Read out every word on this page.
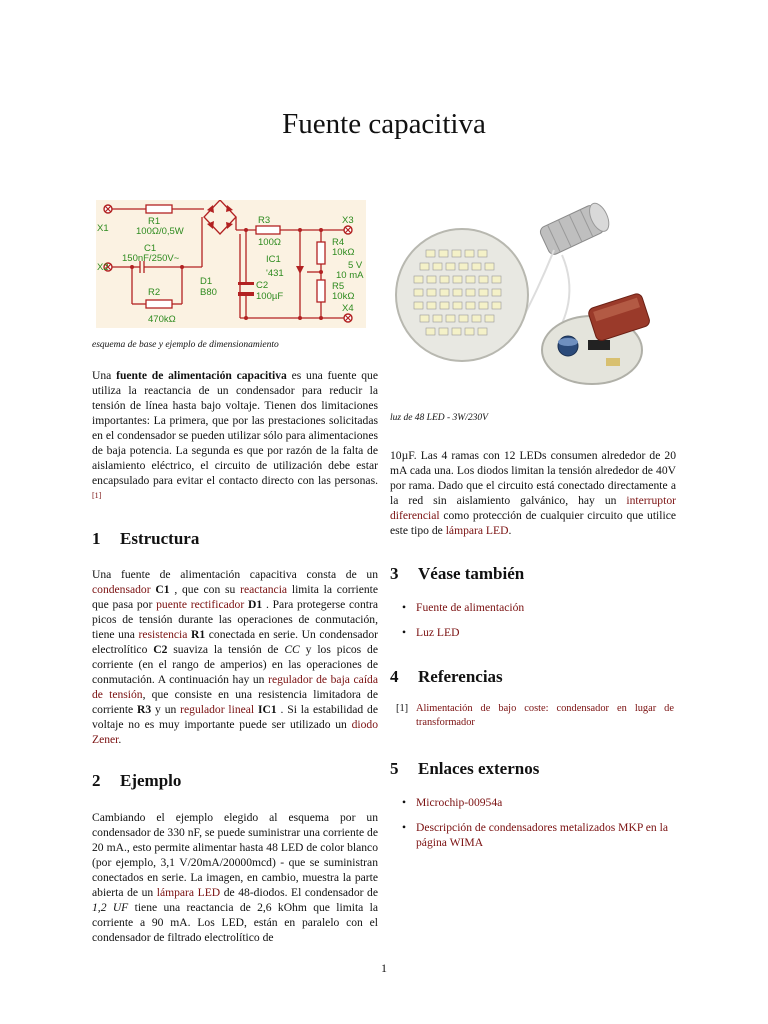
Fuente capacitiva
X1
X2
R1
100Ω/0,5W
C1
150nF/250V~
R2
470kΩ
D1
B80
R3
100Ω
IC1
'431
C2
100µF
X3
X4
R4
10kΩ
R5
10kΩ
5 V
10 mA
esquema de base y ejemplo de dimensionamiento
luz de 48 LED - 3W/230V

Una fuente de alimentación capacitiva es una fuente que utiliza la reactancia de un condensador para reducir la tensión de línea hasta bajo voltaje. Tienen dos limitaciones importantes: La primera, que por las prestaciones solicitadas en el condensador se pueden utilizar sólo para alimentaciones de baja potencia. La segunda es que por razón de la falta de aislamiento eléctrico, el circuito de utilización debe estar encapsulado para evitar el contacto directo con las personas.[1]

1 Estructura

Una fuente de alimentación capacitiva consta de un condensador C1 , que con su reactancia limita la corriente que pasa por puente rectificador D1 . Para protegerse contra picos de tensión durante las operaciones de conmutación, tiene una resistencia R1 conectada en serie. Un condensador electrolítico C2 suaviza la tensión de CC y los picos de corriente (en el rango de amperios) en las operaciones de conmutación. A continuación hay un regulador de baja caída de tensión, que consiste en una resistencia limitadora de corriente R3 y un regulador lineal IC1 . Si la estabilidad de voltaje no es muy importante puede ser utilizado un diodo Zener.

2 Ejemplo

Cambiando el ejemplo elegido al esquema por un condensador de 330 nF, se puede suministrar una corriente de 20 mA., esto permite alimentar hasta 48 LED de color blanco (por ejemplo, 3,1 V/20mA/20000mcd) - que se suministran conectados en serie. La imagen, en cambio, muestra la parte abierta de un lámpara LED de 48-diodos. El condensador de 1,2 UF tiene una reactancia de 2,6 kOhm que limita la corriente a 90 mA. Los LED, están en paralelo con el condensador de filtrado electrolítico de

10µF. Las 4 ramas con 12 LEDs consumen alrededor de 20 mA cada una. Los diodos limitan la tensión alrededor de 40V por rama. Dado que el circuito está conectado directamente a la red sin aislamiento galvánico, hay un interruptor diferencial como protección de cualquier circuito que utilice este tipo de lámpara LED.

3 Véase también
• Fuente de alimentación
• Luz LED
4 Referencias
[1] Alimentación de bajo coste: condensador en lugar de transformador
5 Enlaces externos
• Microchip-00954a
• Descripción de condensadores metalizados MKP en la página WIMA
1
